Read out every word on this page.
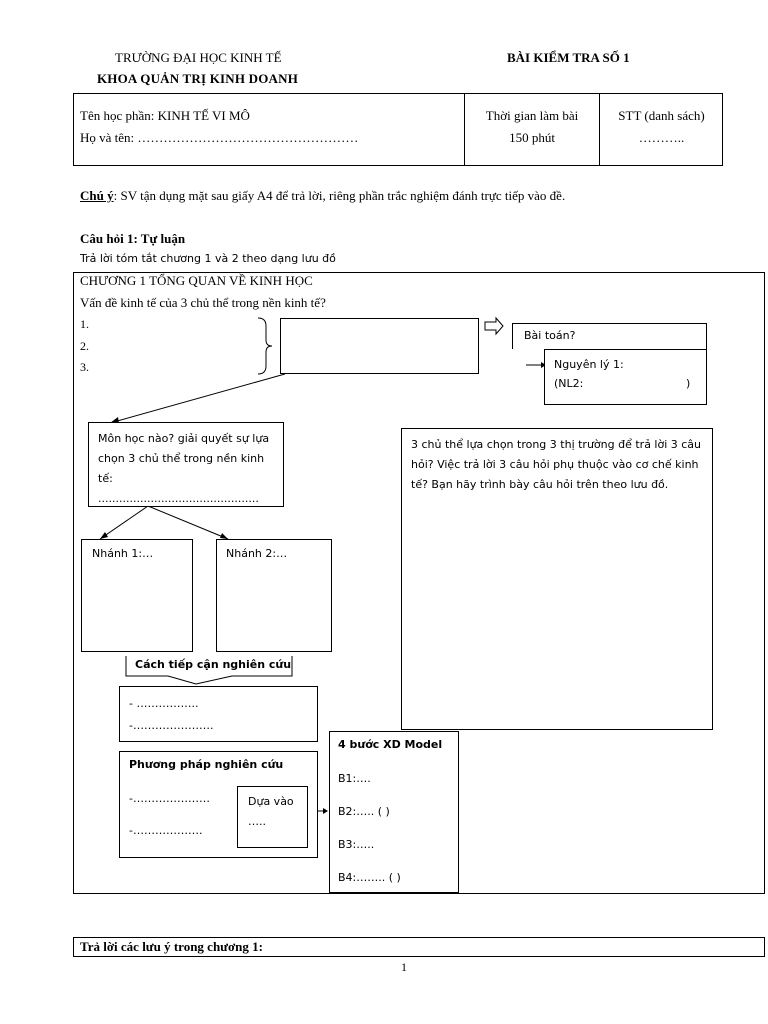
TRƯỜNG ĐẠI HỌC KINH TẾ
KHOA QUẢN TRỊ KINH DOANH
BÀI KIỂM TRA SỐ 1
Tên học phần: KINH TẾ VI MÔ
Họ và tên: ……………………………………………
Thời gian làm bài
150 phút
STT (danh sách)
………..
Chú ý: SV tận dụng mặt sau giấy A4 để trả lời, riêng phần trắc nghiệm đánh trực tiếp vào đề.
Câu hỏi 1: Tự luận
Trả lời tóm tắt chương 1 và 2 theo dạng lưu đồ
CHƯƠNG 1 TỔNG QUAN VỀ KINH HỌC
Vấn đề kinh tế của 3 chủ thể trong nền kinh tế?
1.
2.
3.
Bài toán?
Nguyên lý 1:
(NL2:	)
Môn học nào? giải quyết sự lựa chọn 3 chủ thể trong nền kinh tế: ..............................................
3 chủ thể lựa chọn trong 3 thị trường để trả lời 3 câu hỏi? Việc trả lời 3 câu hỏi phụ thuộc vào cơ chế kinh tế? Bạn hãy trình bày câu hỏi trên theo lưu đồ.
Nhánh 1:…	Nhánh 2:…
Cách tiếp cận nghiên cứu
- ……………..
-………………….
Phương pháp nghiên cứu
-…………………
-……………….
Dựa vào
…..
4 bước XD Model
B1:….
B2:….. ( )
B3:…..
B4:…….. ( )
Trả lời các lưu ý trong chương 1:
1
